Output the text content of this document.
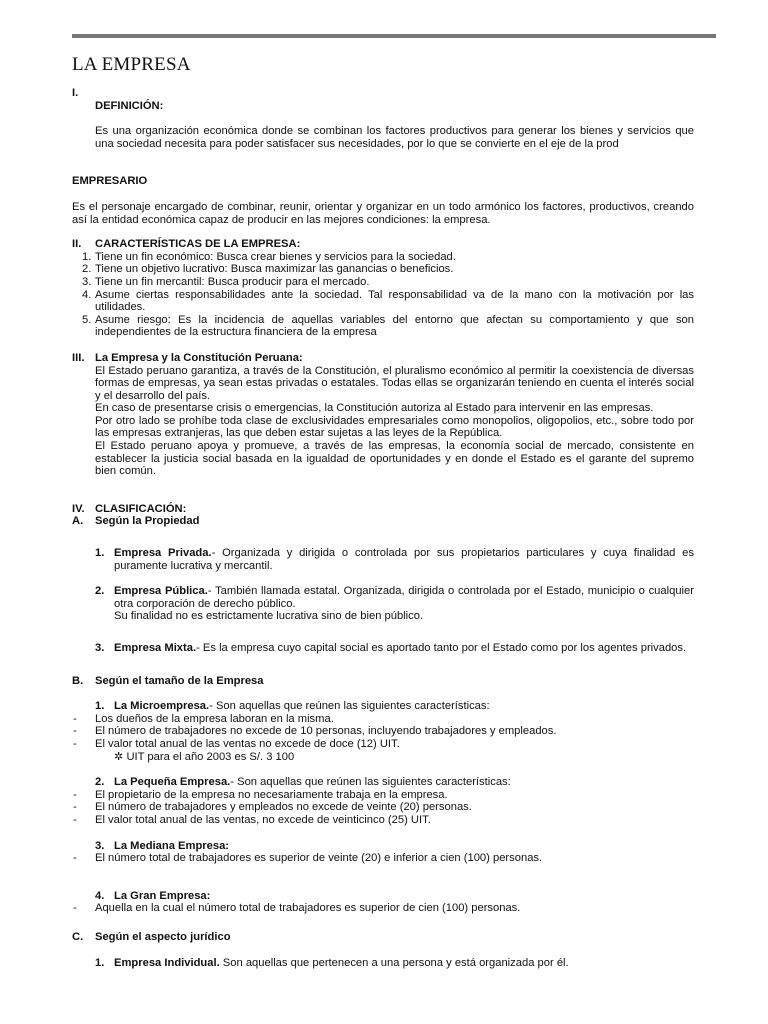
LA EMPRESA
I.
DEFINICIÓN:

Es una organización económica donde se combinan los factores productivos para generar los bienes y servicios que una sociedad necesita para poder satisfacer sus necesidades, por lo que se convierte en el eje de la prod

EMPRESARIO

Es el personaje encargado de combinar, reunir, orientar y organizar en un todo armónico los factores, productivos, creando así la entidad económica capaz de producir en las mejores condiciones: la empresa.

II. CARACTERÍSTICAS DE LA EMPRESA:
1. Tiene un fin económico: Busca crear bienes y servicios para la sociedad.
2. Tiene un objetivo lucrativo: Busca maximizar las ganancias o beneficios.
3. Tiene un fin mercantil: Busca producir para el mercado.
4. Asume ciertas responsabilidades ante la sociedad. Tal responsabilidad va de la mano con la motivación por las utilidades.
5. Asume riesgo: Es la incidencia de aquellas variables del entorno que afectan su comportamiento y que son independientes de la estructura financiera de la empresa
III. La Empresa y la Constitución Peruana:

El Estado peruano garantiza, a través de la Constitución, el pluralismo económico al permitir la coexistencia de diversas formas de empresas, ya sean estas privadas o estatales. Todas ellas se organizarán teniendo en cuenta el interés social y el desarrollo del país.

En caso de presentarse crisis o emergencias, la Constitución autoriza al Estado para intervenir en las empresas.

Por otro lado se prohíbe toda clase de exclusividades empresariales como monopolios, oligopolios, etc., sobre todo por las empresas extranjeras, las que deben estar sujetas a las leyes de la República.

El Estado peruano apoya y promueve, a través de las empresas, la economía social de mercado, consistente en establecer la justicia social basada en la igualdad de oportunidades y en donde el Estado es el garante del supremo bien común.

IV. CLASIFICACIÓN:
A. Según la Propiedad

1. Empresa Privada.- Organizada y dirigida o controlada por sus propietarios particulares y cuya finalidad es puramente lucrativa y mercantil.

2. Empresa Pública.- También llamada estatal. Organizada, dirigida o controlada por el Estado, municipio o cualquier otra corporación de derecho público.

Su finalidad no es estrictamente lucrativa sino de bien público.

3. Empresa Mixta.- Es la empresa cuyo capital social es aportado tanto por el Estado como por los agentes privados.

B. Según el tamaño de la Empresa

1. La Microempresa.- Son aquellas que reúnen las siguientes características:

- Los dueños de la empresa laboran en la misma.

- El número de trabajadores no excede de 10 personas, incluyendo trabajadores y empleados.

- El valor total anual de las ventas no excede de doce (12) UIT.

✲ UIT para el año 2003 es S/. 3 100

2. La Pequeña Empresa.- Son aquellas que reúnen las siguientes características:

- El propietario de la empresa no necesariamente trabaja en la empresa.

- El número de trabajadores y empleados no excede de veinte (20) personas.

- El valor total anual de las ventas, no excede de veinticinco (25) UIT.

3. La Mediana Empresa:

- El número total de trabajadores es superior de veinte (20) e inferior a cien (100) personas.

4. La Gran Empresa:

- Aquella en la cual el número total de trabajadores es superior de cien (100) personas.

C. Según el aspecto jurídico

1. Empresa Individual. Son aquellas que pertenecen a una persona y está organizada por él.
